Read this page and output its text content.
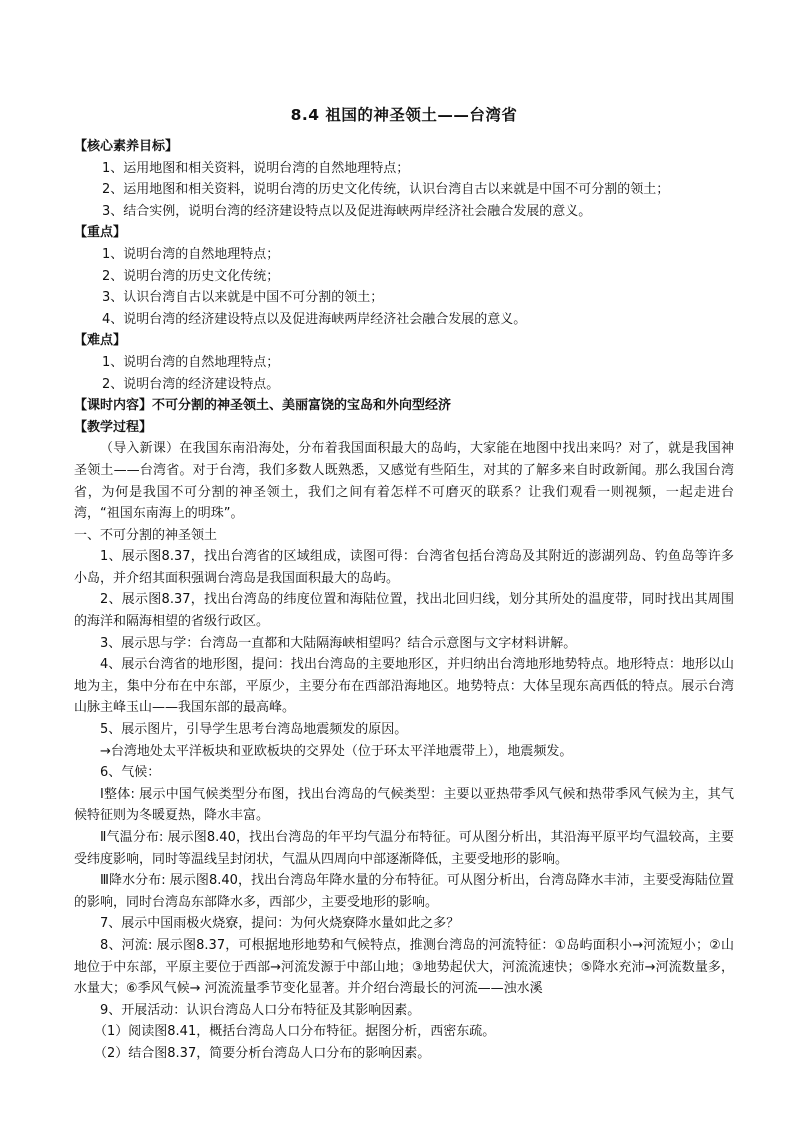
8.4 祖国的神圣领土——台湾省
【核心素养目标】
1、运用地图和相关资料，说明台湾的自然地理特点；
2、运用地图和相关资料，说明台湾的历史文化传统，认识台湾自古以来就是中国不可分割的领土；
3、结合实例，说明台湾的经济建设特点以及促进海峡两岸经济社会融合发展的意义。
【重点】
1、说明台湾的自然地理特点；
2、说明台湾的历史文化传统；
3、认识台湾自古以来就是中国不可分割的领土；
4、说明台湾的经济建设特点以及促进海峡两岸经济社会融合发展的意义。
【难点】
1、说明台湾的自然地理特点；
2、说明台湾的经济建设特点。
【课时内容】不可分割的神圣领土、美丽富饶的宝岛和外向型经济
【教学过程】
（导入新课）在我国东南沿海处，分布着我国面积最大的岛屿，大家能在地图中找出来吗？对了，就是我国神圣领土——台湾省。对于台湾，我们多数人既熟悉，又感觉有些陌生，对其的了解多来自时政新闻。那么我国台湾省，为何是我国不可分割的神圣领土，我们之间有着怎样不可磨灭的联系？让我们观看一则视频，一起走进台湾，“祖国东南海上的明珠”。
一、不可分割的神圣领土
1、展示图8.37，找出台湾省的区域组成，读图可得：台湾省包括台湾岛及其附近的澎湖列岛、钓鱼岛等许多小岛，并介绍其面积强调台湾岛是我国面积最大的岛屿。
2、展示图8.37，找出台湾岛的纬度位置和海陆位置，找出北回归线，划分其所处的温度带，同时找出其周围的海洋和隔海相望的省级行政区。
3、展示思与学：台湾岛一直都和大陆隔海峡相望吗？结合示意图与文字材料讲解。
4、展示台湾省的地形图，提问：找出台湾岛的主要地形区，并归纳出台湾地形地势特点。地形特点：地形以山地为主，集中分布在中东部，平原少，主要分布在西部沿海地区。地势特点：大体呈现东高西低的特点。展示台湾山脉主峰玉山——我国东部的最高峰。
5、展示图片，引导学生思考台湾岛地震频发的原因。
→台湾地处太平洋板块和亚欧板块的交界处（位于环太平洋地震带上），地震频发。
6、气候：
Ⅰ整体: 展示中国气候类型分布图，找出台湾岛的气候类型：主要以亚热带季风气候和热带季风气候为主，其气候特征则为冬暖夏热，降水丰富。
Ⅱ气温分布: 展示图8.40，找出台湾岛的年平均气温分布特征。可从图分析出，其沿海平原平均气温较高，主要受纬度影响，同时等温线呈封闭状，气温从四周向中部逐渐降低，主要受地形的影响。
Ⅲ降水分布: 展示图8.40，找出台湾岛年降水量的分布特征。可从图分析出，台湾岛降水丰沛，主要受海陆位置的影响，同时台湾岛东部降水多，西部少，主要受地形的影响。
7、展示中国雨极火烧寮，提问：为何火烧寮降水量如此之多？
8、河流: 展示图8.37，可根据地形地势和气候特点，推测台湾岛的河流特征：①岛屿面积小→河流短小；②山地位于中东部，平原主要位于西部→河流发源于中部山地；③地势起伏大，河流流速快；⑤降水充沛→河流数量多，水量大；⑥季风气候→ 河流流量季节变化显著。并介绍台湾最长的河流——浊水溪
9、开展活动：认识台湾岛人口分布特征及其影响因素。
（1）阅读图8.41，概括台湾岛人口分布特征。据图分析，西密东疏。
（2）结合图8.37，简要分析台湾岛人口分布的影响因素。
